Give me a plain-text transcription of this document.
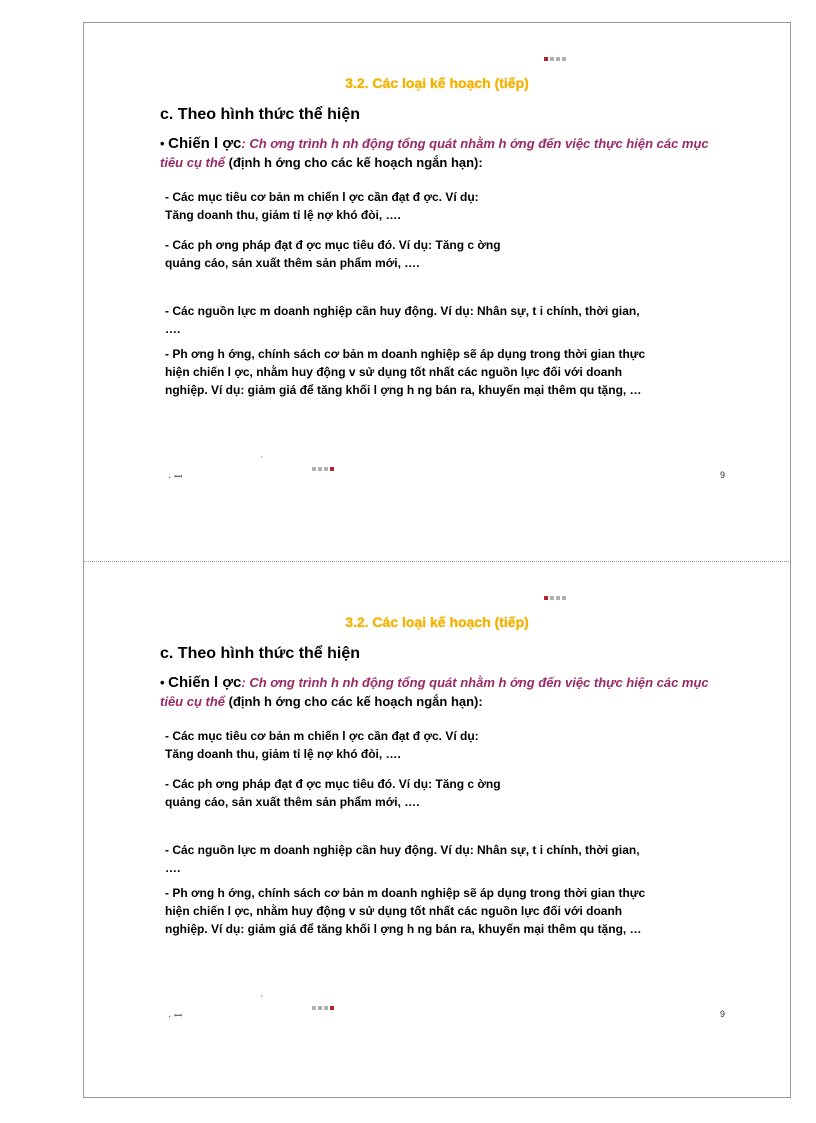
3.2. Các loại kế hoạch (tiếp)
c. Theo hình thức thể hiện
• Chiến l ợc: Ch ơng trình h nh động tổng quát nhằm h ớng đến việc thực hiện các mục tiêu cụ thể (định h ớng cho các kế hoạch ngắn hạn):
- Các mục tiêu cơ bản m chiến l ợc cần đạt đ ợc. Ví dụ: Tăng doanh thu, giảm tỉ lệ nợ khó đòi, ….
- Các ph ơng pháp đạt đ ợc mục tiêu đó. Ví dụ: Tăng c ờng quảng cáo, sản xuất thêm sản phẩm mới, ….
- Các nguồn lực m doanh nghiệp cần huy động. Ví dụ: Nhân sự, t i chính, thời gian, ….
- Ph ơng h ớng, chính sách cơ bản m doanh nghiệp sẽ áp dụng trong thời gian thực hiện chiến l ợc, nhằm huy động v sử dụng tốt nhất các nguồn lực đối với doanh nghiệp. Ví dụ: giảm giá để tăng khối l ợng h ng bán ra, khuyến mại thêm qu tặng, …
ˊ
· ꟷ	9
3.2. Các loại kế hoạch (tiếp)
c. Theo hình thức thể hiện
• Chiến l ợc: Ch ơng trình h nh động tổng quát nhằm h ớng đến việc thực hiện các mục tiêu cụ thể (định h ớng cho các kế hoạch ngắn hạn):
- Các mục tiêu cơ bản m chiến l ợc cần đạt đ ợc. Ví dụ: Tăng doanh thu, giảm tỉ lệ nợ khó đòi, ….
- Các ph ơng pháp đạt đ ợc mục tiêu đó. Ví dụ: Tăng c ờng quảng cáo, sản xuất thêm sản phẩm mới, ….
- Các nguồn lực m doanh nghiệp cần huy động. Ví dụ: Nhân sự, t i chính, thời gian, ….
- Ph ơng h ớng, chính sách cơ bản m doanh nghiệp sẽ áp dụng trong thời gian thực hiện chiến l ợc, nhằm huy động v sử dụng tốt nhất các nguồn lực đối với doanh nghiệp. Ví dụ: giảm giá để tăng khối l ợng h ng bán ra, khuyến mại thêm qu tặng, …
ˊ
· ꟷ	9
